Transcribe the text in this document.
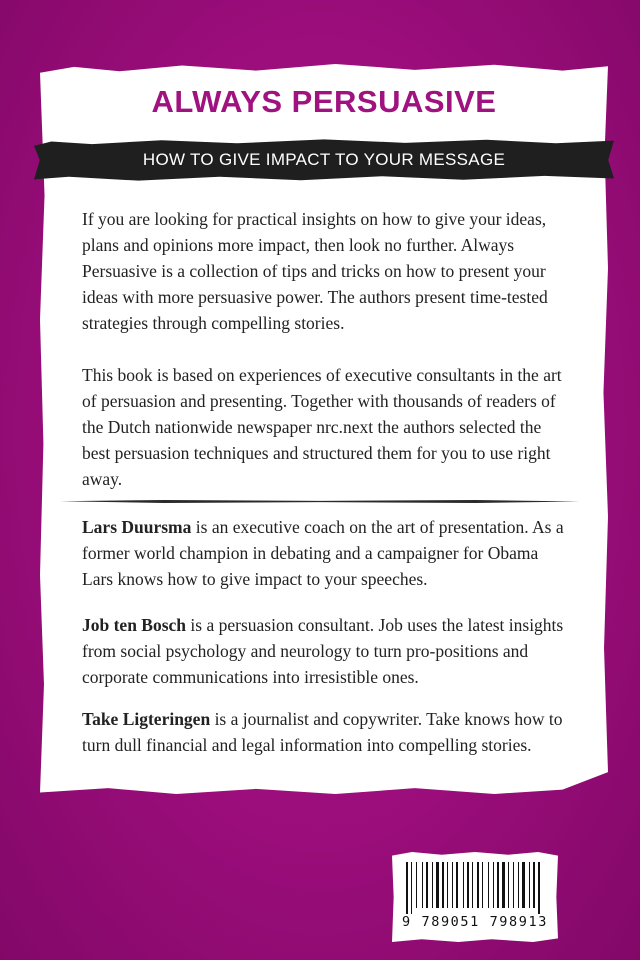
ALWAYS PERSUASIVE
HOW TO GIVE IMPACT TO YOUR MESSAGE

If you are looking for practical insights on how to give your ideas, plans and opinions more impact, then look no further. Always Persuasive is a collection of tips and tricks on how to present your ideas with more persuasive power. The authors present time-tested strategies through compelling stories.

This book is based on experiences of executive consultants in the art of persuasion and presenting. Together with thousands of readers of the Dutch nationwide newspaper nrc.next the authors selected the best persuasion techniques and structured them for you to use right away.

Lars Duursma is an executive coach on the art of presentation. As a former world champion in debating and a campaigner for Obama Lars knows how to give impact to your speeches.

Job ten Bosch is a persuasion consultant. Job uses the latest insights from social psychology and neurology to turn pro-positions and corporate communications into irresistible ones.

Take Ligteringen is a journalist and copywriter. Take knows how to turn dull financial and legal information into compelling stories.

9 789051 798913
